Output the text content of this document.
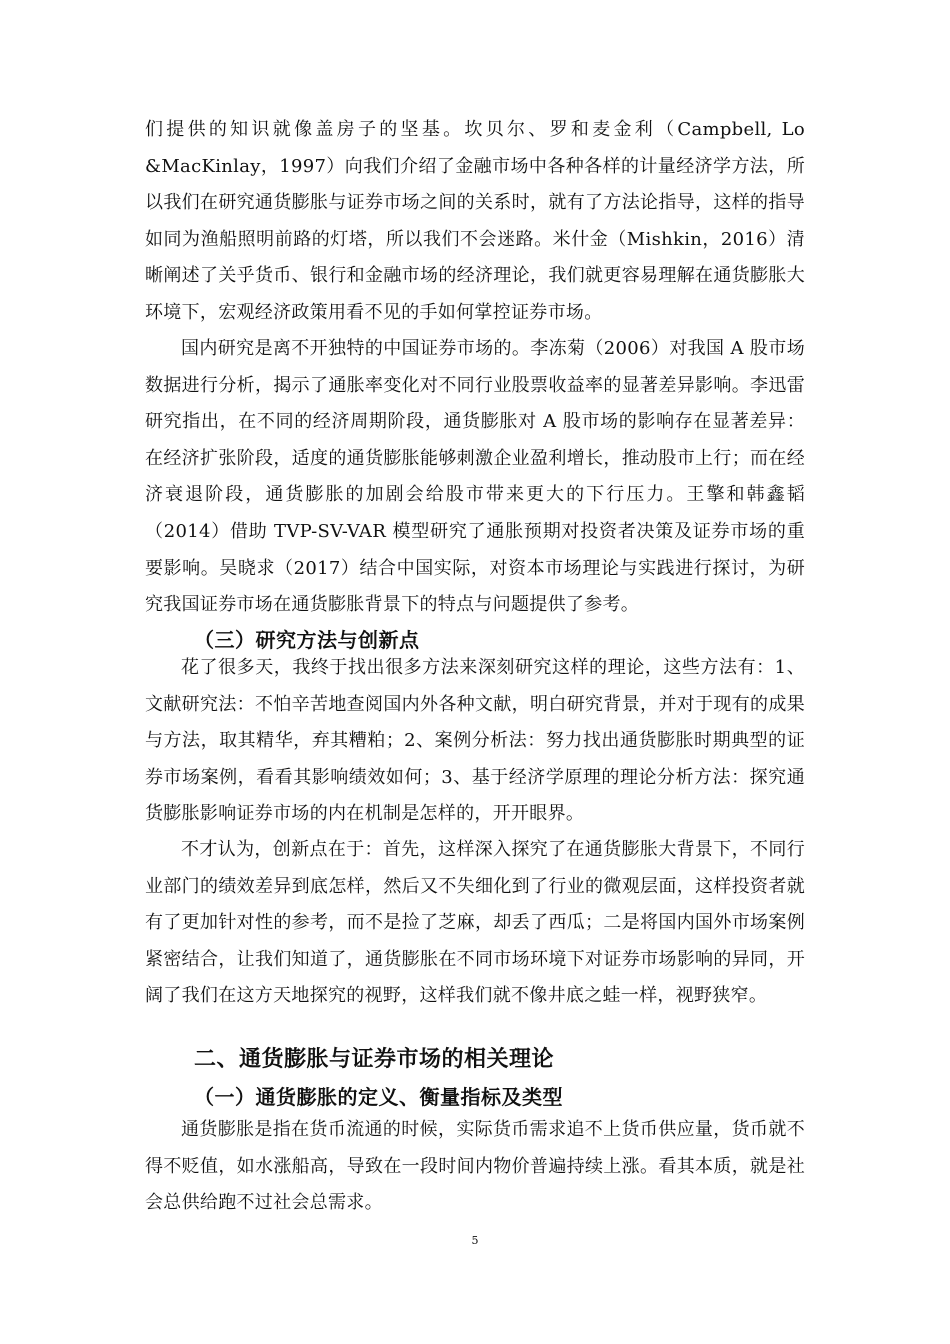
们提供的知识就像盖房子的坚基。坎贝尔、罗和麦金利（Campbell, Lo &MacKinlay，1997）向我们介绍了金融市场中各种各样的计量经济学方法，所以我们在研究通货膨胀与证券市场之间的关系时，就有了方法论指导，这样的指导如同为渔船照明前路的灯塔，所以我们不会迷路。米什金（Mishkin，2016）清晰阐述了关乎货币、银行和金融市场的经济理论，我们就更容易理解在通货膨胀大环境下，宏观经济政策用看不见的手如何掌控证券市场。

国内研究是离不开独特的中国证券市场的。李冻菊（2006）对我国 A 股市场数据进行分析，揭示了通胀率变化对不同行业股票收益率的显著差异影响。李迅雷研究指出，在不同的经济周期阶段，通货膨胀对 A 股市场的影响存在显著差异：在经济扩张阶段，适度的通货膨胀能够刺激企业盈利增长，推动股市上行；而在经济衰退阶段，通货膨胀的加剧会给股市带来更大的下行压力。王擎和韩鑫韬（2014）借助 TVP-SV-VAR 模型研究了通胀预期对投资者决策及证券市场的重要影响。吴晓求（2017）结合中国实际，对资本市场理论与实践进行探讨，为研究我国证券市场在通货膨胀背景下的特点与问题提供了参考。

（三）研究方法与创新点

花了很多天，我终于找出很多方法来深刻研究这样的理论，这些方法有：1、文献研究法：不怕辛苦地查阅国内外各种文献，明白研究背景，并对于现有的成果与方法，取其精华，弃其糟粕；2、案例分析法：努力找出通货膨胀时期典型的证券市场案例，看看其影响绩效如何；3、基于经济学原理的理论分析方法：探究通货膨胀影响证券市场的内在机制是怎样的，开开眼界。

不才认为，创新点在于：首先，这样深入探究了在通货膨胀大背景下，不同行业部门的绩效差异到底怎样，然后又不失细化到了行业的微观层面，这样投资者就有了更加针对性的参考，而不是捡了芝麻，却丢了西瓜；二是将国内国外市场案例紧密结合，让我们知道了，通货膨胀在不同市场环境下对证券市场影响的异同，开阔了我们在这方天地探究的视野，这样我们就不像井底之蛙一样，视野狭窄。

二、通货膨胀与证券市场的相关理论
（一）通货膨胀的定义、衡量指标及类型

通货膨胀是指在货币流通的时候，实际货币需求追不上货币供应量，货币就不得不贬值，如水涨船高，导致在一段时间内物价普遍持续上涨。看其本质，就是社会总供给跑不过社会总需求。

5
